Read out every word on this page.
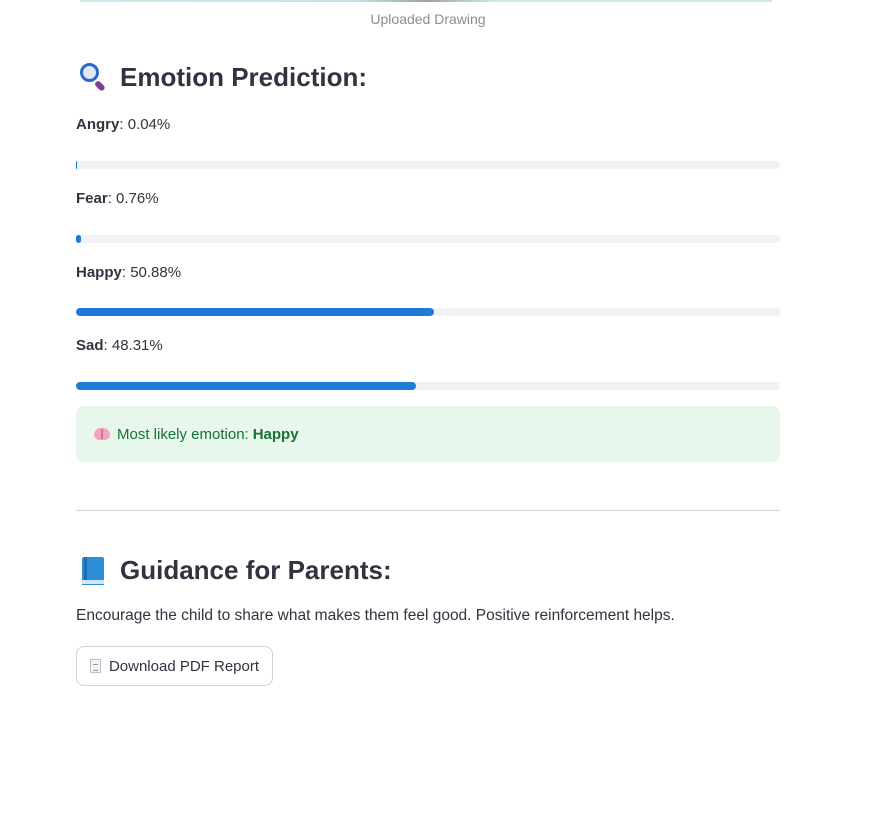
Uploaded Drawing
Emotion Prediction:
Angry: 0.04%
Fear: 0.76%
Happy: 50.88%
Sad: 48.31%
Most likely emotion: Happy
Guidance for Parents:
Encourage the child to share what makes them feel good. Positive reinforcement helps.
Download PDF Report
